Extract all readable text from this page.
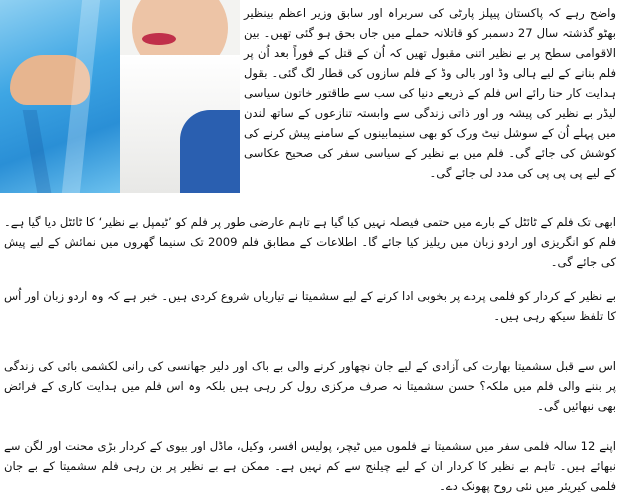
واضح رہے کہ پاکستان پیپلز پارٹی کی سربراہ اور سابق وزیر اعظم بینظیر بھٹو گذشتہ سال 27 دسمبر کو قاتلانہ حملے میں جاں بحق ہو گئی تھیں۔ بین الاقوامی سطح پر بے نظیر اتنی مقبول تھیں کہ اُن کے قتل کے فوراً بعد اُن پر فلم بنانے کے لیے ہالی وڈ اور بالی وڈ کے فلم سازوں کی قطار لگ گئی۔ بقول ہدایت کار حنا رائے اس فلم کے ذریعے دنیا کی سب سے طاقتور خاتون سیاسی لیڈر بے نظیر کی پیشہ ور اور ذاتی زندگی سے وابستہ تنازعوں کے ساتھ لندن میں پہلے اُن کے سوشل نیٹ ورک کو بھی سنیمابینوں کے سامنے پیش کرنے کی کوشش کی جائے گی۔ فلم میں بے نظیر کے سیاسی سفر کی صحیح عکاسی کے لیے پی پی پی کی مدد لی جائے گی۔

ابھی تک فلم کے ٹائٹل کے بارے میں حتمی فیصلہ نہیں کیا گیا ہے تاہم عارضی طور پر فلم کو ’ٹیمپل بے نظیر‘ کا ٹائٹل دیا گیا ہے۔ فلم کو انگریزی اور اردو زبان میں ریلیز کیا جائے گا۔ اطلاعات کے مطابق فلم 2009 تک سنیما گھروں میں نمائش کے لیے پیش کی جائے گی۔

بے نظیر کے کردار کو فلمی پردے پر بخوبی ادا کرنے کے لیے سشمیتا نے تیاریاں شروع کردی ہیں۔ خبر ہے کہ وہ اردو زبان اور اُس کا تلفظ سیکھ رہی ہیں۔

اس سے قبل سشمیتا بھارت کی آزادی کے لیے جان نچھاور کرنے والی بے باک اور دلیر جھانسی کی رانی لکشمی بائی کی زندگی پر بننے والی فلم میں ملکہ؟ حسن سشمیتا نہ صرف مرکزی رول کر رہی ہیں بلکہ وہ اس فلم میں ہدایت کاری کے فرائض بھی نبھائیں گی۔

اپنے 12 سالہ فلمی سفر میں سشمیتا نے فلموں میں ٹیچر، پولیس افسر، وکیل، ماڈل اور بیوی کے کردار بڑی محنت اور لگن سے نبھائے ہیں۔ تاہم بے نظیر کا کردار ان کے لیے چیلنج سے کم نہیں ہے۔ ممکن ہے بے نظیر پر بن رہی فلم سشمیتا کے بے جان فلمی کیریئر میں نئی روح پھونک دے۔
